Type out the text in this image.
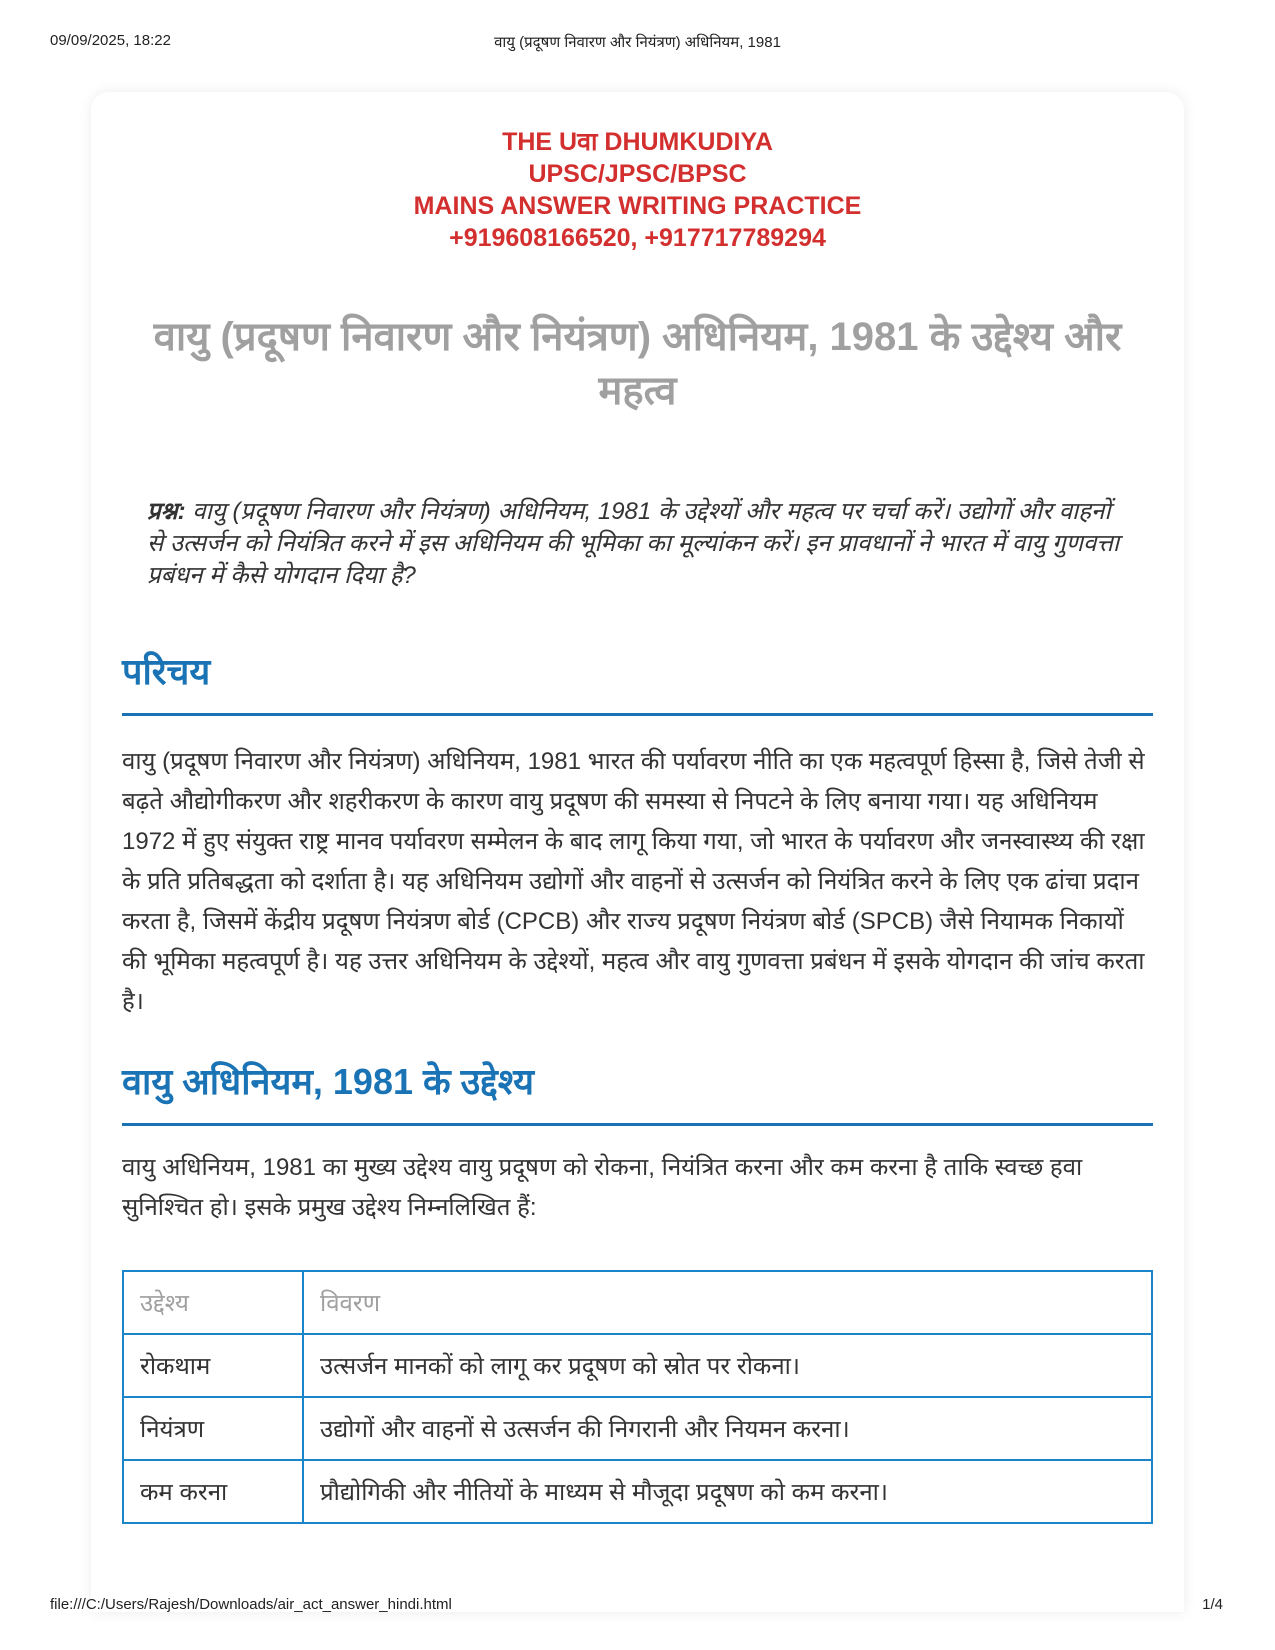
09/09/2025, 18:22	वायु (प्रदूषण निवारण और नियंत्रण) अधिनियम, 1981
THE Uवा DHUMKUDIYA
UPSC/JPSC/BPSC
MAINS ANSWER WRITING PRACTICE
+919608166520, +917717789294
वायु (प्रदूषण निवारण और नियंत्रण) अधिनियम, 1981 के उद्देश्य और महत्व

प्रश्न: वायु (प्रदूषण निवारण और नियंत्रण) अधिनियम, 1981 के उद्देश्यों और महत्व पर चर्चा करें। उद्योगों और वाहनों से उत्सर्जन को नियंत्रित करने में इस अधिनियम की भूमिका का मूल्यांकन करें। इन प्रावधानों ने भारत में वायु गुणवत्ता प्रबंधन में कैसे योगदान दिया है?

परिचय

वायु (प्रदूषण निवारण और नियंत्रण) अधिनियम, 1981 भारत की पर्यावरण नीति का एक महत्वपूर्ण हिस्सा है, जिसे तेजी से बढ़ते औद्योगीकरण और शहरीकरण के कारण वायु प्रदूषण की समस्या से निपटने के लिए बनाया गया। यह अधिनियम 1972 में हुए संयुक्त राष्ट्र मानव पर्यावरण सम्मेलन के बाद लागू किया गया, जो भारत के पर्यावरण और जनस्वास्थ्य की रक्षा के प्रति प्रतिबद्धता को दर्शाता है। यह अधिनियम उद्योगों और वाहनों से उत्सर्जन को नियंत्रित करने के लिए एक ढांचा प्रदान करता है, जिसमें केंद्रीय प्रदूषण नियंत्रण बोर्ड (CPCB) और राज्य प्रदूषण नियंत्रण बोर्ड (SPCB) जैसे नियामक निकायों की भूमिका महत्वपूर्ण है। यह उत्तर अधिनियम के उद्देश्यों, महत्व और वायु गुणवत्ता प्रबंधन में इसके योगदान की जांच करता है।

वायु अधिनियम, 1981 के उद्देश्य

वायु अधिनियम, 1981 का मुख्य उद्देश्य वायु प्रदूषण को रोकना, नियंत्रित करना और कम करना है ताकि स्वच्छ हवा सुनिश्चित हो। इसके प्रमुख उद्देश्य निम्नलिखित हैं:

उद्देश्य	विवरण
रोकथाम	उत्सर्जन मानकों को लागू कर प्रदूषण को स्रोत पर रोकना।
नियंत्रण	उद्योगों और वाहनों से उत्सर्जन की निगरानी और नियमन करना।
कम करना	प्रौद्योगिकी और नीतियों के माध्यम से मौजूदा प्रदूषण को कम करना।
file:///C:/Users/Rajesh/Downloads/air_act_answer_hindi.html	1/4
